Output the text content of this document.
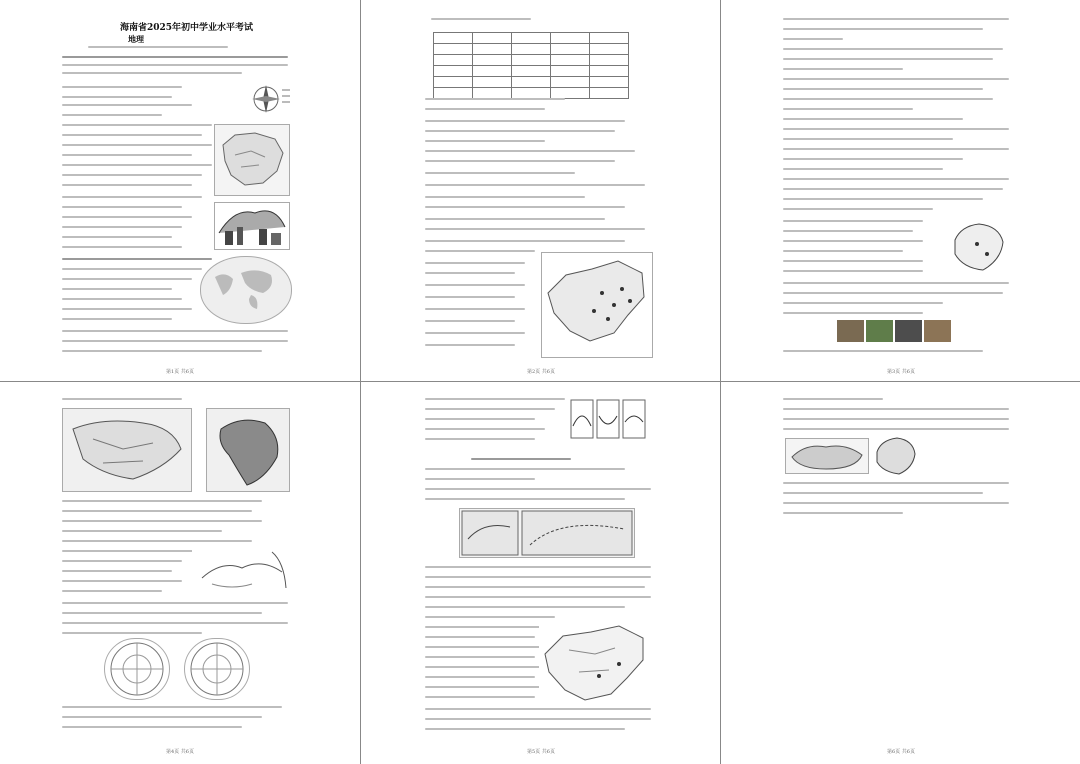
海南省2025年初中学业水平考试
地理
第1页 共6页

					第2页 共6页	第3页 共6页
第4页 共6页	第5页 共6页	第6页 共6页
